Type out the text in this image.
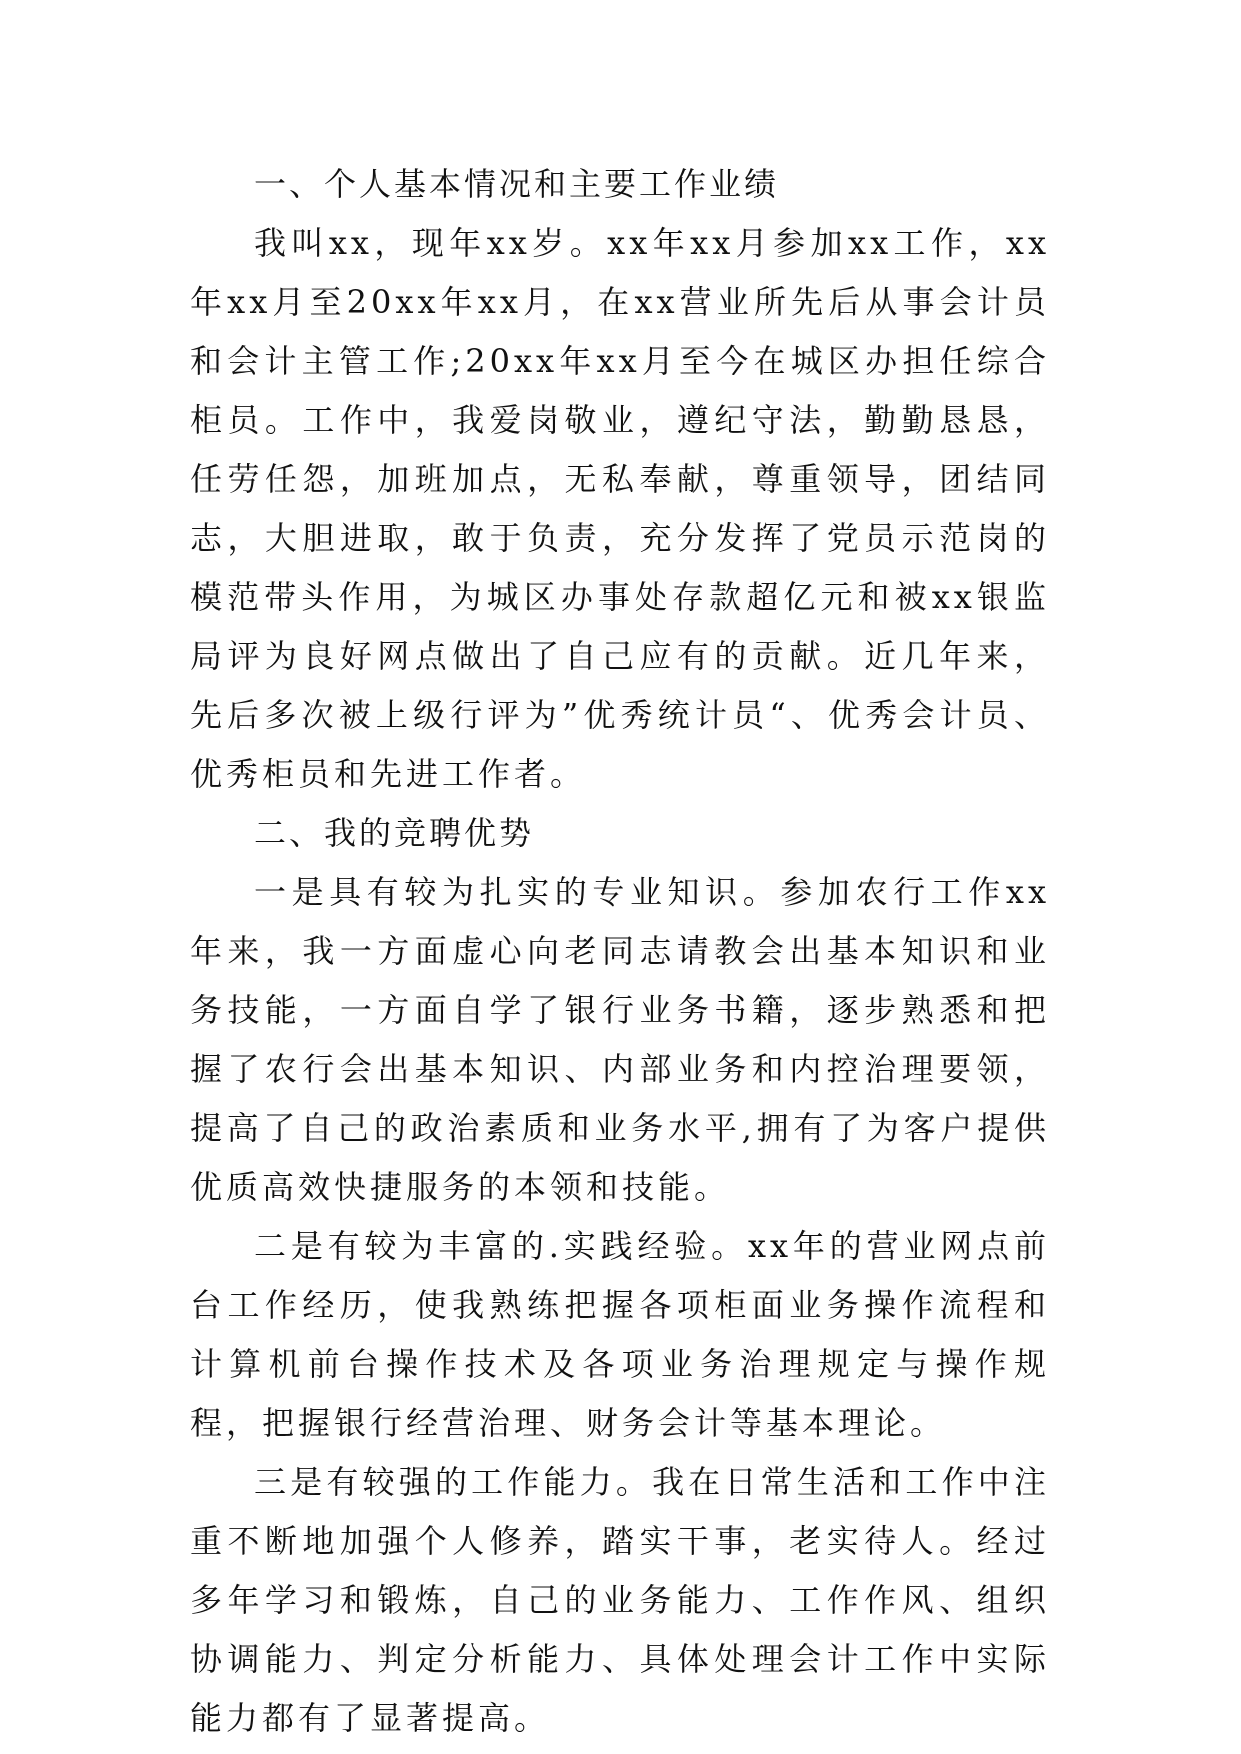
一、个人基本情况和主要工作业绩

我叫xx，现年xx岁。xx年xx月参加xx工作，xx年xx月至20xx年xx月，在xx营业所先后从事会计员和会计主管工作;20xx年xx月至今在城区办担任综合柜员。工作中，我爱岗敬业，遵纪守法，勤勤恳恳，任劳任怨，加班加点，无私奉献，尊重领导，团结同志，大胆进取，敢于负责，充分发挥了党员示范岗的模范带头作用，为城区办事处存款超亿元和被xx银监局评为良好网点做出了自己应有的贡献。近几年来，先后多次被上级行评为”优秀统计员“、优秀会计员、优秀柜员和先进工作者。

二、我的竞聘优势

一是具有较为扎实的专业知识。参加农行工作xx年来，我一方面虚心向老同志请教会出基本知识和业务技能，一方面自学了银行业务书籍，逐步熟悉和把握了农行会出基本知识、内部业务和内控治理要领，提高了自己的政治素质和业务水平,拥有了为客户提供优质高效快捷服务的本领和技能。

二是有较为丰富的.实践经验。xx年的营业网点前台工作经历，使我熟练把握各项柜面业务操作流程和计算机前台操作技术及各项业务治理规定与操作规程，把握银行经营治理、财务会计等基本理论。

三是有较强的工作能力。我在日常生活和工作中注重不断地加强个人修养，踏实干事，老实待人。经过多年学习和锻炼，自己的业务能力、工作作风、组织协调能力、判定分析能力、具体处理会计工作中实际能力都有了显著提高。
